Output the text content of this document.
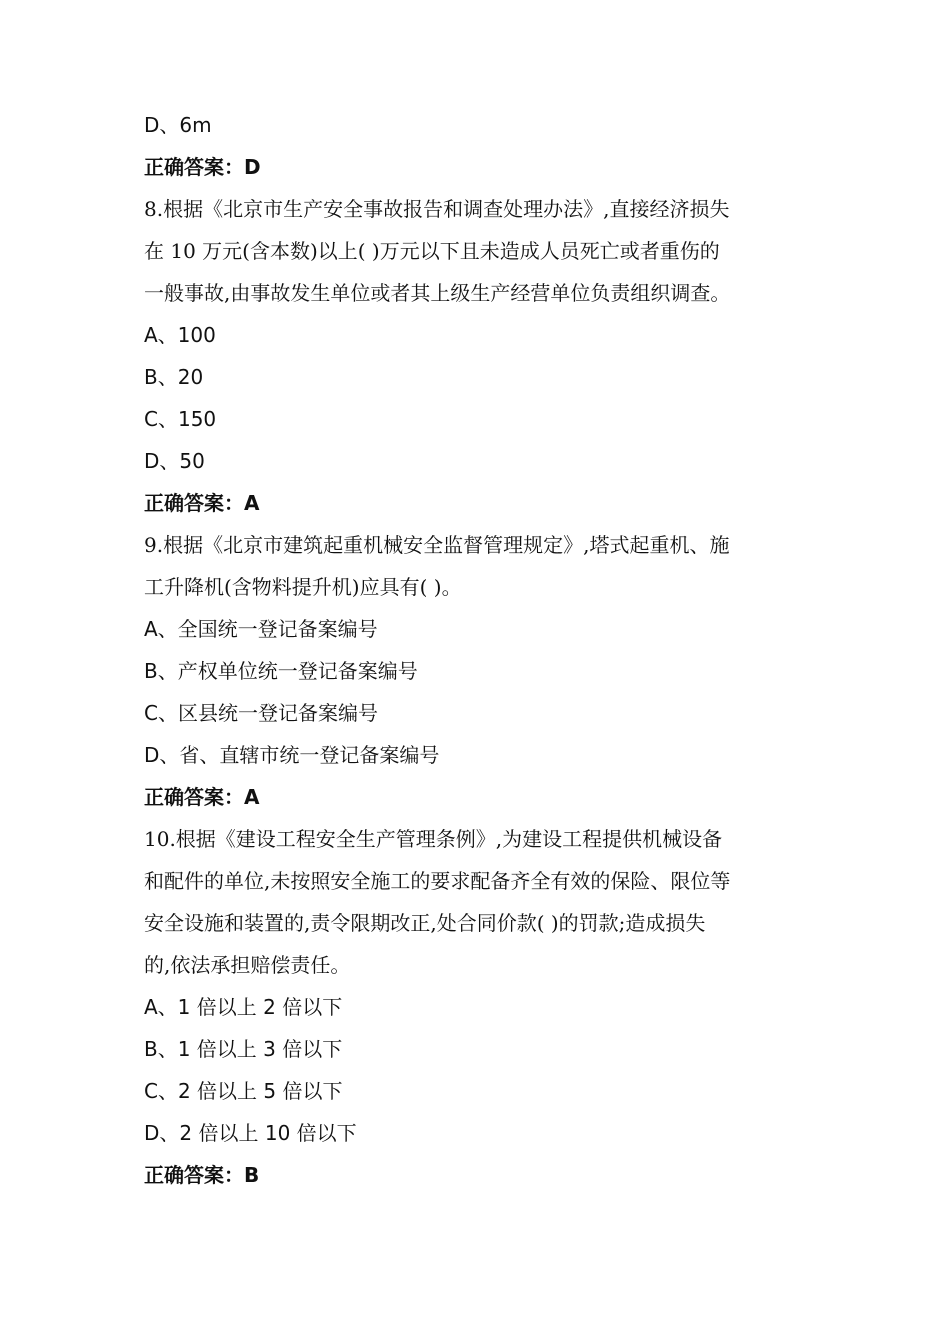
D、6m
正确答案：D
8.根据《北京市生产安全事故报告和调查处理办法》,直接经济损失
在 10 万元(含本数)以上( )万元以下且未造成人员死亡或者重伤的
一般事故,由事故发生单位或者其上级生产经营单位负责组织调查。
A、100
B、20
C、150
D、50
正确答案：A
9.根据《北京市建筑起重机械安全监督管理规定》,塔式起重机、施
工升降机(含物料提升机)应具有( )。
A、全国统一登记备案编号
B、产权单位统一登记备案编号
C、区县统一登记备案编号
D、省、直辖市统一登记备案编号
正确答案：A
10.根据《建设工程安全生产管理条例》,为建设工程提供机械设备
和配件的单位,未按照安全施工的要求配备齐全有效的保险、限位等
安全设施和装置的,责令限期改正,处合同价款( )的罚款;造成损失
的,依法承担赔偿责任。
A、1 倍以上 2 倍以下
B、1 倍以上 3 倍以下
C、2 倍以上 5 倍以下
D、2 倍以上 10 倍以下
正确答案：B
